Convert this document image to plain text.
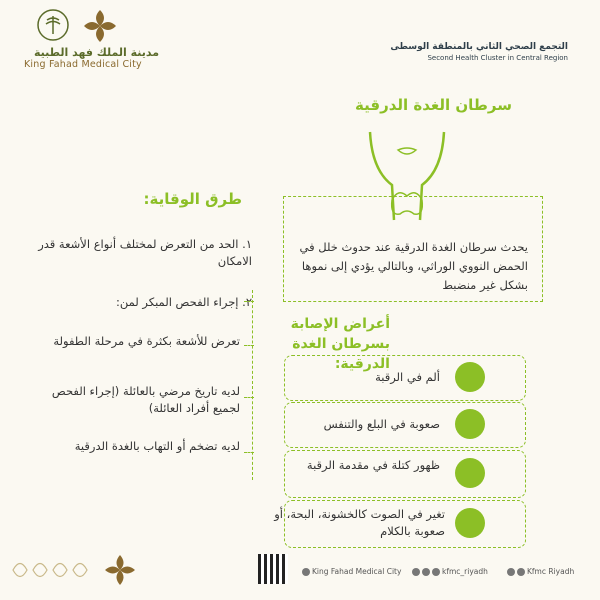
مدينة الملك فهد الطبية
King Fahad Medical City
التجمع الصحي الثاني بالمنطقة الوسطى
Second Health Cluster in Central Region
سرطان الغدة الدرقية
يحدث سرطان الغدة الدرقية عند حدوث خلل في الحمض النووي الوراثي، وبالتالي يؤدي إلى نموها بشكل غير منضبط
أعراض الإصابة بسرطان الغدة الدرقية:
ألم في الرقبة
صعوبة في البلع والتنفس
ظهور كتلة في مقدمة الرقبة
تغير في الصوت كالخشونة، البحة، أو صعوبة بالكلام
طرق الوقاية:
١. الحد من التعرض لمختلف أنواع الأشعة قدر الامكان
٢. إجراء الفحص المبكر لمن:
تعرض للأشعة بكثرة في مرحلة الطفولة
لديه تاريخ مرضي بالعائلة (إجراء الفحص لجميع أفراد العائلة)
لديه تضخم أو التهاب بالغدة الدرقية
King Fahad Medical City	kfmc_riyadh	Kfmc Riyadh
